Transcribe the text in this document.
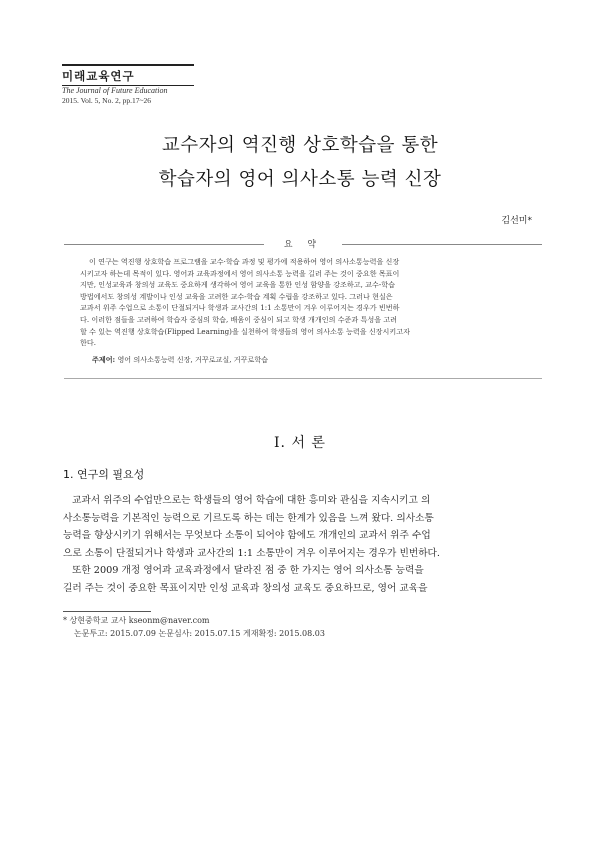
미래교육연구
The Journal of Future Education
2015. Vol. 5, No. 2, pp.17~26
교수자의 역진행 상호학습을 통한
학습자의 영어 의사소통 능력 신장
김선미*
요 약
이 연구는 역진행 상호학습 프로그램을 교수·학습 과정 및 평가에 적용하여 영어 의사소통능력을 신장
시키고자 하는데 목적이 있다. 영어과 교육과정에서 영어 의사소통 능력을 길러 주는 것이 중요한 목표이
지만, 인성교육과 창의성 교육도 중요하게 생각하여 영어 교육을 통한 인성 함양을 강조하고, 교수-학습
방법에서도 창의성 계발이나 인성 교육을 고려한 교수-학습 계획 수립을 강조하고 있다. 그러나 현실은
교과서 위주 수업으로 소통이 단절되거나 학생과 교사간의 1:1 소통만이 겨우 이루어지는 경우가 빈번하
다. 이러한 점들을 고려하여 학습자 중심의 학습, 배움이 중심이 되고 학생 개개인의 수준과 특성을 고려
할 수 있는 역진행 상호학습(Flipped Learning)을 실천하여 학생들의 영어 의사소통 능력을 신장시키고자
한다.
주제어: 영어 의사소통능력 신장, 거꾸로교실, 거꾸로학습
Ⅰ. 서 론
1. 연구의 필요성
교과서 위주의 수업만으로는 학생들의 영어 학습에 대한 흥미와 관심을 지속시키고 의
사소통능력을 기본적인 능력으로 기르도록 하는 데는 한계가 있음을 느껴 왔다. 의사소통
능력을 향상시키기 위해서는 무엇보다 소통이 되어야 함에도 개개인의 교과서 위주 수업
으로 소통이 단절되거나 학생과 교사간의 1:1 소통만이 겨우 이루어지는 경우가 빈번하다.
또한 2009 개정 영어과 교육과정에서 달라진 점 중 한 가지는 영어 의사소통 능력을
길러 주는 것이 중요한 목표이지만 인성 교육과 창의성 교육도 중요하므로, 영어 교육을
* 상현중학교 교사 kseonm@naver.com
논문투고: 2015.07.09 논문심사: 2015.07.15 게재확정: 2015.08.03
